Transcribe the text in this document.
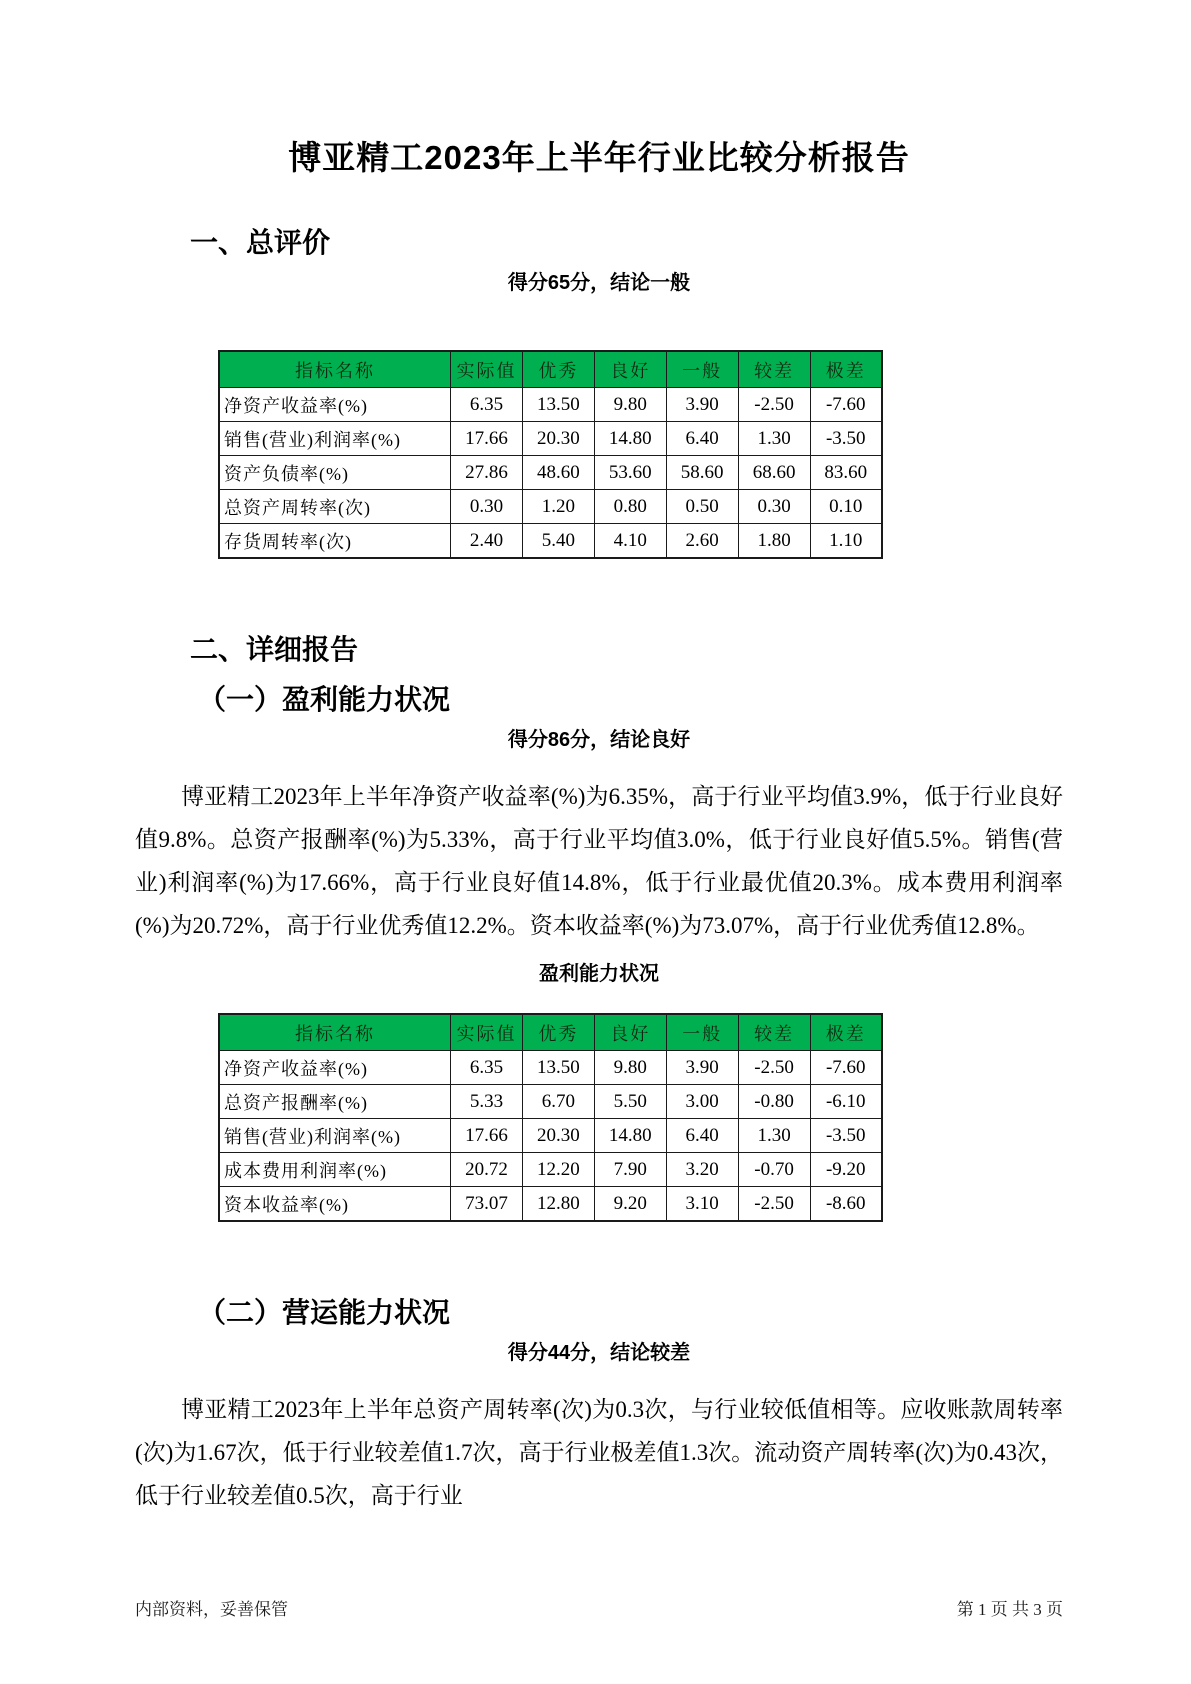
博亚精工2023年上半年行业比较分析报告
一、总评价
得分65分，结论一般
指标名称	实际值	优秀	良好	一般	较差	极差
净资产收益率(%)	6.35	13.50	9.80	3.90	-2.50	-7.60
销售(营业)利润率(%)	17.66	20.30	14.80	6.40	1.30	-3.50
资产负债率(%)	27.86	48.60	53.60	58.60	68.60	83.60
总资产周转率(次)	0.30	1.20	0.80	0.50	0.30	0.10
存货周转率(次)	2.40	5.40	4.10	2.60	1.80	1.10
二、详细报告
（一）盈利能力状况
得分86分，结论良好

博亚精工2023年上半年净资产收益率(%)为6.35%，高于行业平均值3.9%，低于行业良好值9.8%。总资产报酬率(%)为5.33%，高于行业平均值3.0%，低于行业良好值5.5%。销售(营业)利润率(%)为17.66%，高于行业良好值14.8%，低于行业最优值20.3%。成本费用利润率(%)为20.72%，高于行业优秀值12.2%。资本收益率(%)为73.07%，高于行业优秀值12.8%。

盈利能力状况
指标名称	实际值	优秀	良好	一般	较差	极差
净资产收益率(%)	6.35	13.50	9.80	3.90	-2.50	-7.60
总资产报酬率(%)	5.33	6.70	5.50	3.00	-0.80	-6.10
销售(营业)利润率(%)	17.66	20.30	14.80	6.40	1.30	-3.50
成本费用利润率(%)	20.72	12.20	7.90	3.20	-0.70	-9.20
资本收益率(%)	73.07	12.80	9.20	3.10	-2.50	-8.60
（二）营运能力状况
得分44分，结论较差

博亚精工2023年上半年总资产周转率(次)为0.3次，与行业较低值相等。应收账款周转率(次)为1.67次，低于行业较差值1.7次，高于行业极差值1.3次。流动资产周转率(次)为0.43次，低于行业较差值0.5次，高于行业

内部资料，妥善保管	第 1 页 共 3 页
